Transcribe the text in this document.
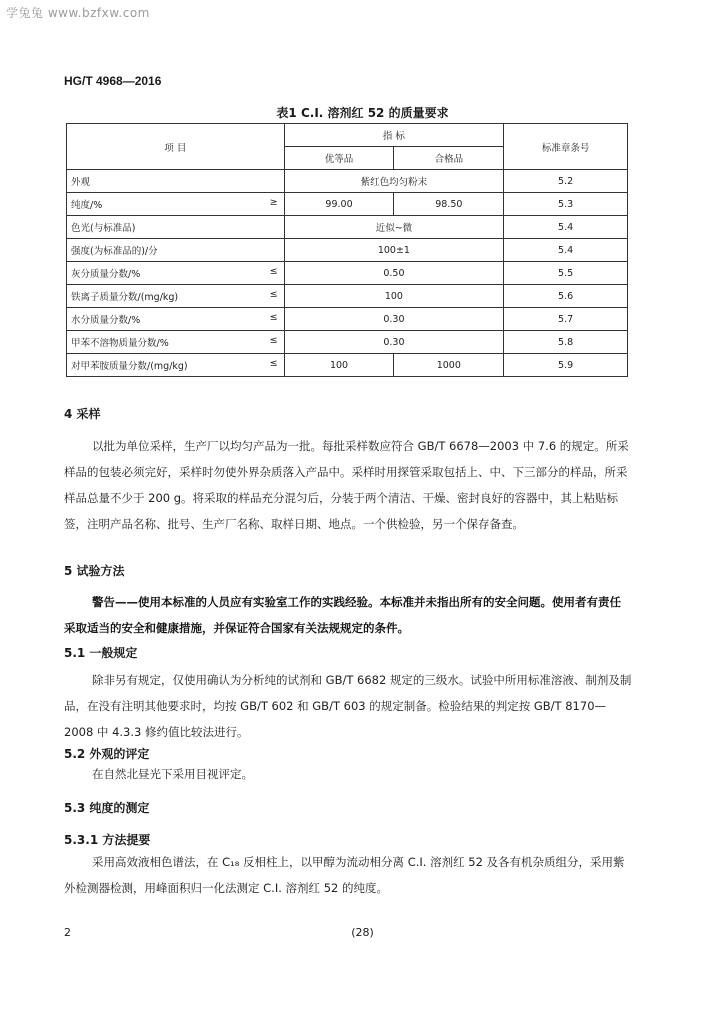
学兔兔 www.bzfxw.com
HG/T 4968—2016
表1 C.I. 溶剂红 52 的质量要求
项 目	指 标		标准章条号
	优等品	合格品	
外观	紫红色均匀粉末		5.2
纯度/% ≥	99.00	98.50	5.3
色光(与标准品)	近似~微		5.4
强度(为标准品的)/分	100±1		5.4
灰分质量分数/% ≤	0.50		5.5
铁离子质量分数/(mg/kg) ≤	100		5.6
水分质量分数/% ≤	0.30		5.7
甲苯不溶物质量分数/% ≤	0.30		5.8
对甲苯胺质量分数/(mg/kg) ≤	100	1000	5.9
4 采样
以批为单位采样，生产厂以均匀产品为一批。每批采样数应符合 GB/T 6678—2003 中 7.6 的规定。所采样品的包装必须完好，采样时勿使外界杂质落入产品中。采样时用探管采取包括上、中、下三部分的样品，所采样品总量不少于 200 g。将采取的样品充分混匀后，分装于两个清洁、干燥、密封良好的容器中，其上粘贴标签，注明产品名称、批号、生产厂名称、取样日期、地点。一个供检验，另一个保存备查。
5 试验方法
警告——使用本标准的人员应有实验室工作的实践经验。本标准并未指出所有的安全问题。使用者有责任采取适当的安全和健康措施，并保证符合国家有关法规规定的条件。
5.1 一般规定
除非另有规定，仅使用确认为分析纯的试剂和 GB/T 6682 规定的三级水。试验中所用标准溶液、制剂及制品，在没有注明其他要求时，均按 GB/T 602 和 GB/T 603 的规定制备。检验结果的判定按 GB/T 8170—2008 中 4.3.3 修约值比较法进行。
5.2 外观的评定
在自然北昼光下采用目视评定。
5.3 纯度的测定
5.3.1 方法提要
采用高效液相色谱法，在 C₁₈ 反相柱上，以甲醇为流动相分离 C.I. 溶剂红 52 及各有机杂质组分，采用紫外检测器检测，用峰面积归一化法测定 C.I. 溶剂红 52 的纯度。
2	(28)
